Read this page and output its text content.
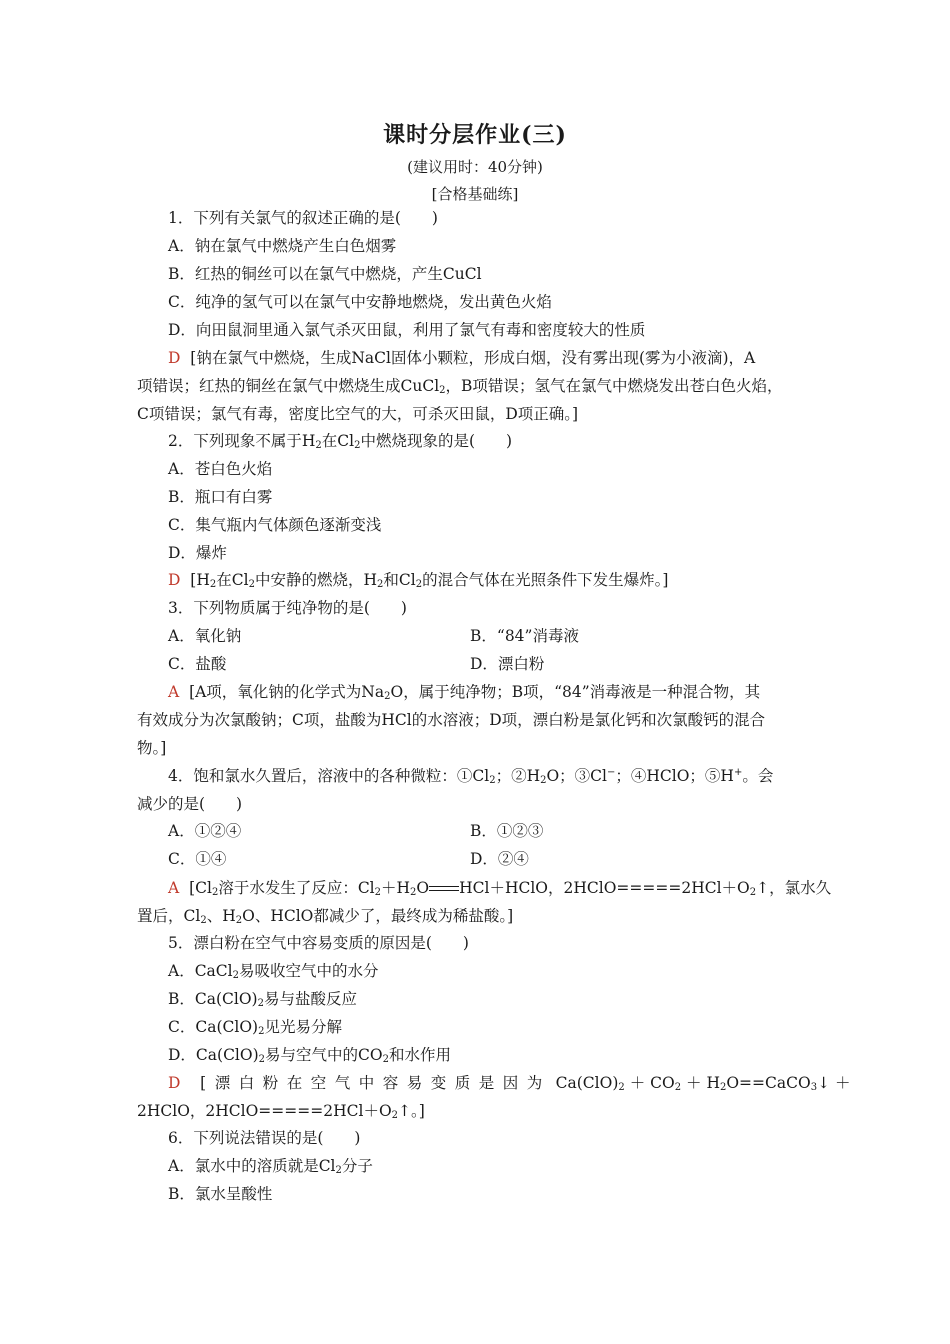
课时分层作业(三)
(建议用时：40分钟)
[合格基础练]
1．下列有关氯气的叙述正确的是(　　)
A．钠在氯气中燃烧产生白色烟雾
B．红热的铜丝可以在氯气中燃烧，产生CuCl
C．纯净的氢气可以在氯气中安静地燃烧，发出黄色火焰
D．向田鼠洞里通入氯气杀灭田鼠，利用了氯气有毒和密度较大的性质
D [钠在氯气中燃烧，生成NaCl固体小颗粒，形成白烟，没有雾出现(雾为小液滴)，A
项错误；红热的铜丝在氯气中燃烧生成CuCl$_2$，B项错误；氢气在氯气中燃烧发出苍白色火焰，
C项错误；氯气有毒，密度比空气的大，可杀灭田鼠，D项正确。]
2．下列现象不属于$H_2$在$Cl_2$中燃烧现象的是(　　)
A．苍白色火焰
B．瓶口有白雾
C．集气瓶内气体颜色逐渐变浅
D．爆炸
D [$H_2$在$Cl_2$中安静的燃烧，$H_2$和$Cl_2$的混合气体在光照条件下发生爆炸。]
3．下列物质属于纯净物的是(　　)
A．氧化钠	B．“84”消毒液
C．盐酸	D．漂白粉
A [A项，氧化钠的化学式为$Na_2O$，属于纯净物；B项，“84”消毒液是一种混合物，其
有效成分为次氯酸钠；C项，盐酸为HCl的水溶液；D项，漂白粉是氯化钙和次氯酸钙的混合
物。]
4．饱和氯水久置后，溶液中的各种微粒：$①Cl_2$；$②H_2O$；③Cl−；④HClO；⑤H+。会
减少的是(　　)
A．①②④	B．①②③
C．①④	D．②④
A [$Cl_2$溶于水发生了反应：$Cl_2+H_2O$ HCl＋HClO，$2HClO=====2HCl+O_2↑$，氯水久
置后，$Cl_2$、$H_2O$、HClO都减少了，最终成为稀盐酸。]
5．漂白粉在空气中容易变质的原因是(　　)
A．CaCl$_2$易吸收空气中的水分
B．$Ca(ClO)_2$易与盐酸反应
C．$Ca(ClO)_2$见光易分解
D．$Ca(ClO)_2$易与空气中的$CO_2$和水作用
D [漂白粉在空气中容易变质是因为 $Ca(ClO)_2 + CO_2$ ＋ $H_2O==CaCO_3↓$ ＋
2HClO，$2HClO=====2HCl+O_2↑$。]
6．下列说法错误的是(　　)
A．氯水中的溶质就是$Cl_2$分子
B．氯水呈酸性
